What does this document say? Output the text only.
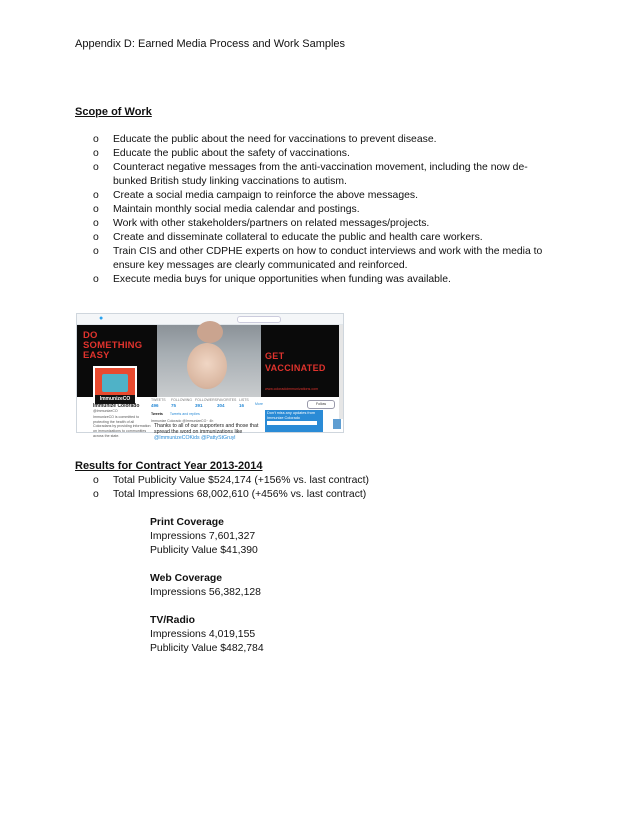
Appendix D: Earned Media Process and Work Samples
Scope of Work
o Educate the public about the need for vaccinations to prevent disease.
o Educate the public about the safety of vaccinations.
o Counteract negative messages from the anti-vaccination movement, including the now de-bunked British study linking vaccinations to autism.
o Create a social media campaign to reinforce the above messages.
o Maintain monthly social media calendar and postings.
o Work with other stakeholders/partners on related messages/projects.
o Create and disseminate collateral to educate the public and health care workers.
o Train CIS and other CDPHE experts on how to conduct interviews and work with the media to ensure key messages are clearly communicated and reinforced.
o Execute media buys for unique opportunities when funding was available.
●
DO
SOMETHING
EASY	GET
VACCINATED
www.coloradoimmunizations.com
ImmunizeCO	TWEETS
496
FOLLOWING
75
FOLLOWERS
391
FAVORITES
304
LISTS
16	More	Follow
Immunize Colorado
@ImmunizeCO
ImmunizeCO is committed to protecting the health of all Coloradans by providing information on immunizations to communities across the state.
Tweets Tweets and replies
Immunize Colorado @ImmunizeCO · 4h
Thanks to all of our supporters and those that spread the word on immunizations like @ImmunizeCOKids @PattyStGruyl
Don't miss any updates from Immunize Colorado
Results for Contract Year 2013-2014
o Total Publicity Value $524,174 (+156% vs. last contract)
o Total Impressions 68,002,610 (+456% vs. last contract)
Print Coverage
Impressions 7,601,327
Publicity Value $41,390
Web Coverage
Impressions 56,382,128
TV/Radio
Impressions 4,019,155
Publicity Value $482,784
